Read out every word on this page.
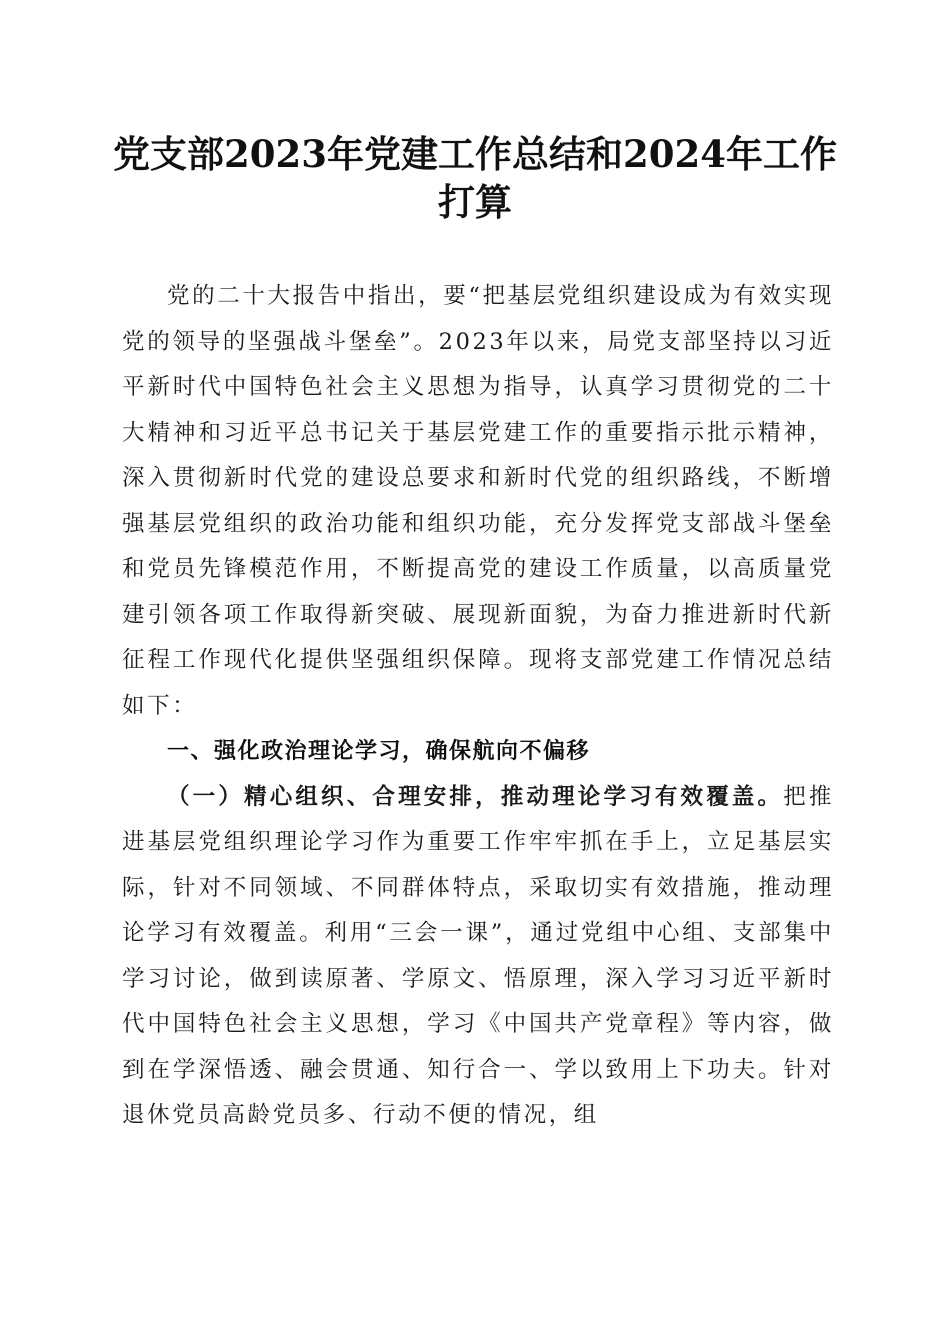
党支部2023年党建工作总结和2024年工作打算

党的二十大报告中指出，要“把基层党组织建设成为有效实现党的领导的坚强战斗堡垒”。2023年以来，局党支部坚持以习近平新时代中国特色社会主义思想为指导，认真学习贯彻党的二十大精神和习近平总书记关于基层党建工作的重要指示批示精神，深入贯彻新时代党的建设总要求和新时代党的组织路线，不断增强基层党组织的政治功能和组织功能，充分发挥党支部战斗堡垒和党员先锋模范作用，不断提高党的建设工作质量，以高质量党建引领各项工作取得新突破、展现新面貌，为奋力推进新时代新征程工作现代化提供坚强组织保障。现将支部党建工作情况总结如下：

一、强化政治理论学习，确保航向不偏移

（一）精心组织、合理安排，推动理论学习有效覆盖。把推进基层党组织理论学习作为重要工作牢牢抓在手上，立足基层实际，针对不同领域、不同群体特点，采取切实有效措施，推动理论学习有效覆盖。利用“三会一课”，通过党组中心组、支部集中学习讨论，做到读原著、学原文、悟原理，深入学习习近平新时代中国特色社会主义思想，学习《中国共产党章程》等内容，做到在学深悟透、融会贯通、知行合一、学以致用上下功夫。针对退休党员高龄党员多、行动不便的情况，组
